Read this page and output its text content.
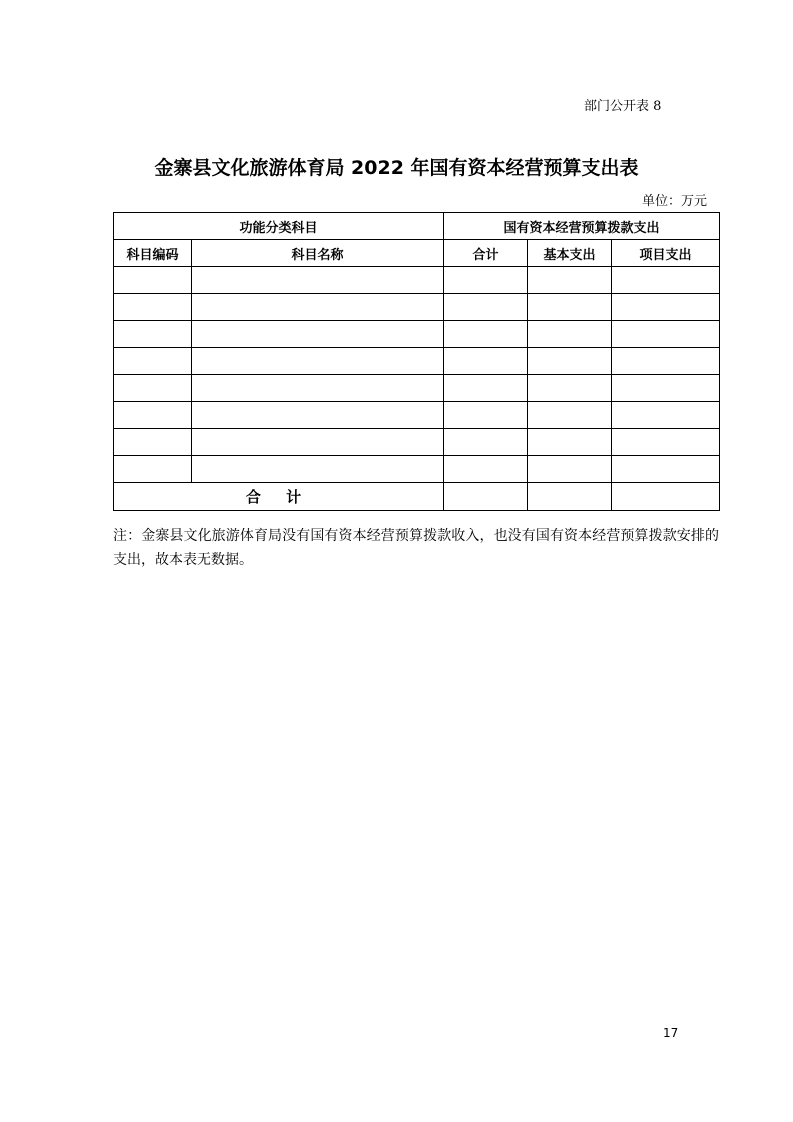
部门公开表 8
金寨县文化旅游体育局 2022 年国有资本经营预算支出表
单位：万元
功能分类科目		国有资本经营预算拨款支出		
科目编码	科目名称	合计	基本支出	项目支出

合 计				
注：金寨县文化旅游体育局没有国有资本经营预算拨款收入，也没有国有资本经营预算拨款安排的支出，故本表无数据。
17
